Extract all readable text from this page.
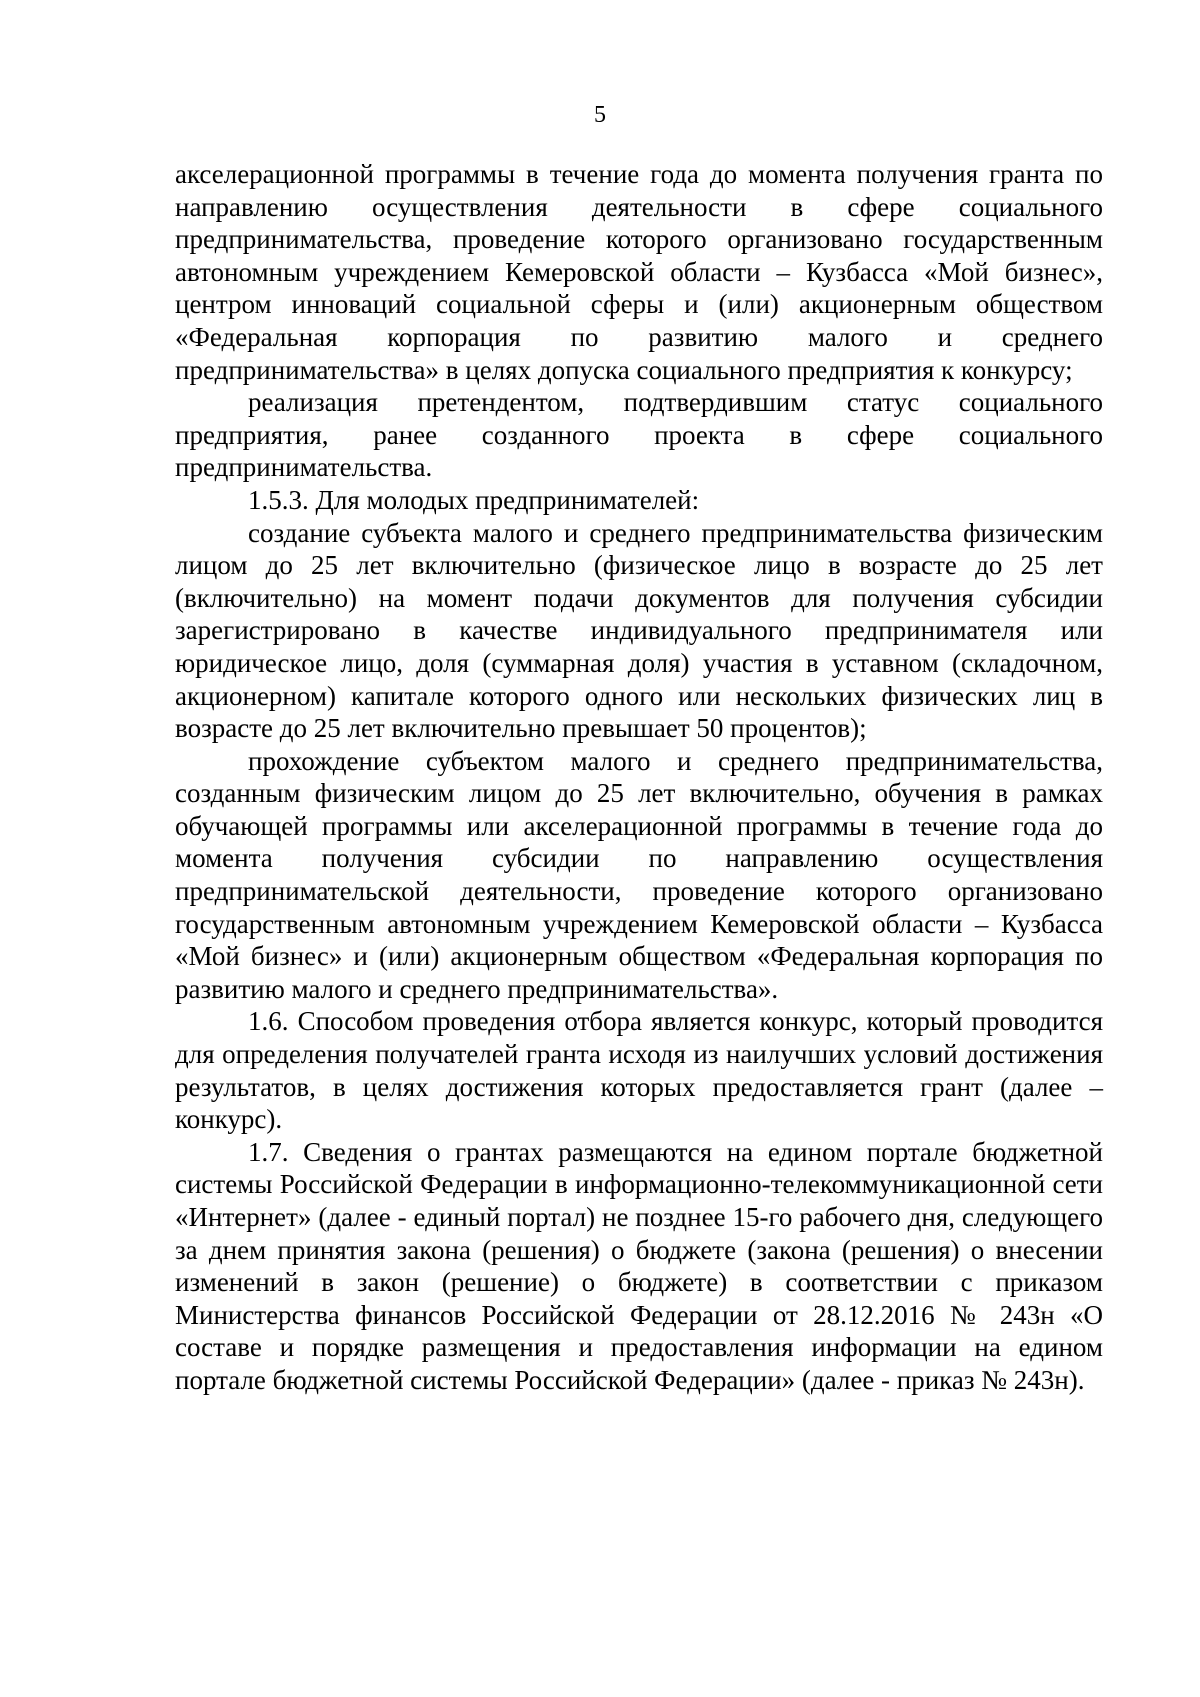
5

акселерационной программы в течение года до момента получения гранта по направлению осуществления деятельности в сфере социального предпринимательства, проведение которого организовано государственным автономным учреждением Кемеровской области – Кузбасса «Мой бизнес», центром инноваций социальной сферы и (или) акционерным обществом «Федеральная корпорация по развитию малого и среднего предпринимательства» в целях допуска социального предприятия к конкурсу;

реализация претендентом, подтвердившим статус социального предприятия, ранее созданного проекта в сфере социального предпринимательства.

1.5.3. Для молодых предпринимателей:

создание субъекта малого и среднего предпринимательства физическим лицом до 25 лет включительно (физическое лицо в возрасте до 25 лет (включительно) на момент подачи документов для получения субсидии зарегистрировано в качестве индивидуального предпринимателя или юридическое лицо, доля (суммарная доля) участия в уставном (складочном, акционерном) капитале которого одного или нескольких физических лиц в возрасте до 25 лет включительно превышает 50 процентов);

прохождение субъектом малого и среднего предпринимательства, созданным физическим лицом до 25 лет включительно, обучения в рамках обучающей программы или акселерационной программы в течение года до момента получения субсидии по направлению осуществления предпринимательской деятельности, проведение которого организовано государственным автономным учреждением Кемеровской области – Кузбасса «Мой бизнес» и (или) акционерным обществом «Федеральная корпорация по развитию малого и среднего предпринимательства».

1.6. Способом проведения отбора является конкурс, который проводится для определения получателей гранта исходя из наилучших условий достижения результатов, в целях достижения которых предоставляется грант (далее – конкурс).

1.7. Сведения о грантах размещаются на едином портале бюджетной системы Российской Федерации в информационно-телекоммуникационной сети «Интернет» (далее - единый портал) не позднее 15-го рабочего дня, следующего за днем принятия закона (решения) о бюджете (закона (решения) о внесении изменений в закон (решение) о бюджете) в соответствии с приказом Министерства финансов Российской Федерации от 28.12.2016 № 243н «О составе и порядке размещения и предоставления информации на едином портале бюджетной системы Российской Федерации» (далее - приказ № 243н).
